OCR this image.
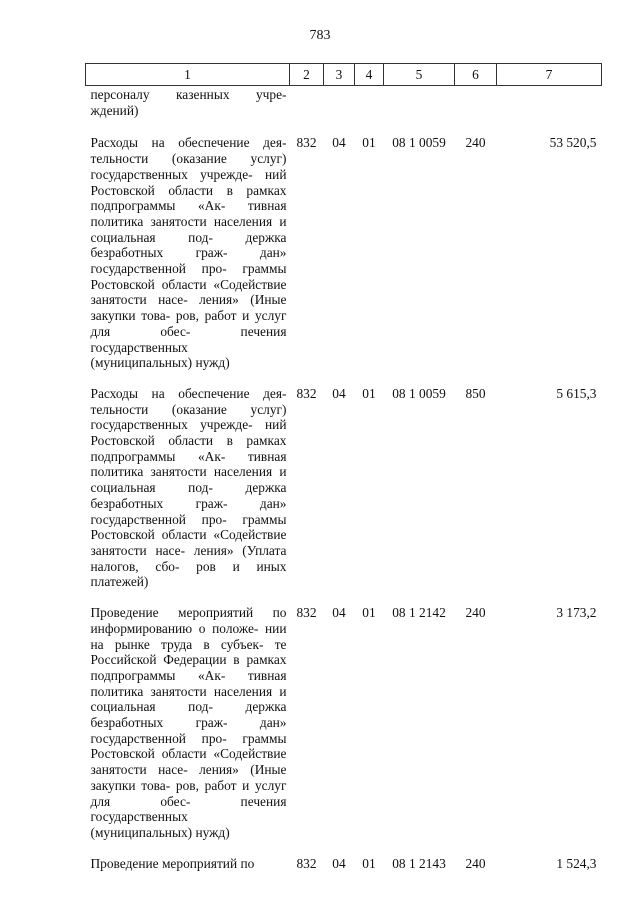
783
1	2	3	4	5	6	7
персоналу казенных учре- ждений)						
Расходы на обеспечение дея- тельности (оказание услуг) государственных учрежде- ний Ростовской области в рамках подпрограммы «Ак- тивная политика занятости населения и социальная под- держка безработных граж- дан» государственной про- граммы Ростовской области «Содействие занятости насе- ления» (Иные закупки това- ров, работ и услуг для обес- печения государственных (муниципальных) нужд)	832	04	01	08 1 0059	240	53 520,5
Расходы на обеспечение дея- тельности (оказание услуг) государственных учрежде- ний Ростовской области в рамках подпрограммы «Ак- тивная политика занятости населения и социальная под- держка безработных граж- дан» государственной про- граммы Ростовской области «Содействие занятости насе- ления» (Уплата налогов, сбо- ров и иных платежей)	832	04	01	08 1 0059	850	5 615,3
Проведение мероприятий по информированию о положе- нии на рынке труда в субъек- те Российской Федерации в рамках подпрограммы «Ак- тивная политика занятости населения и социальная под- держка безработных граж- дан» государственной про- граммы Ростовской области «Содействие занятости насе- ления» (Иные закупки това- ров, работ и услуг для обес- печения государственных (муниципальных) нужд)	832	04	01	08 1 2142	240	3 173,2
Проведение мероприятий по	832	04	01	08 1 2143	240	1 524,3
